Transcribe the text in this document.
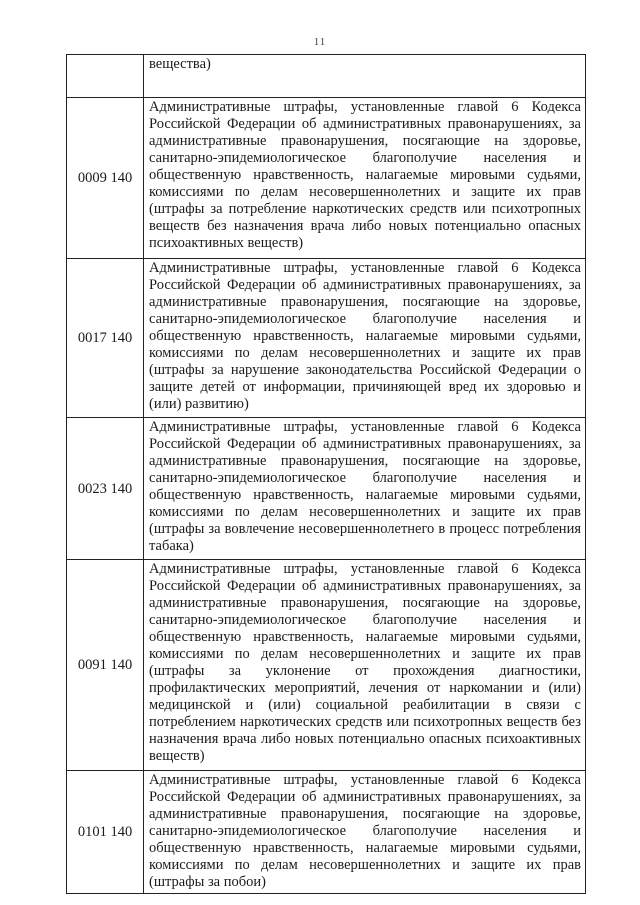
11

	вещества)

0009 140	Административные штрафы, установленные главой 6 Кодекса Российской Федерации об административных правонарушениях, за административные правонарушения, посягающие на здоровье, санитарно-эпидемиологическое благополучие населения и общественную нравственность, налагаемые мировыми судьями, комиссиями по делам несовершеннолетних и защите их прав (штрафы за потребление наркотических средств или психотропных веществ без назначения врача либо новых потенциально опасных психоактивных веществ)

0017 140	Административные штрафы, установленные главой 6 Кодекса Российской Федерации об административных правонарушениях, за административные правонарушения, посягающие на здоровье, санитарно-эпидемиологическое благополучие населения и общественную нравственность, налагаемые мировыми судьями, комиссиями по делам несовершеннолетних и защите их прав (штрафы за нарушение законодательства Российской Федерации о защите детей от информации, причиняющей вред их здоровью и (или) развитию)

0023 140	Административные штрафы, установленные главой 6 Кодекса Российской Федерации об административных правонарушениях, за административные правонарушения, посягающие на здоровье, санитарно-эпидемиологическое благополучие населения и общественную нравственность, налагаемые мировыми судьями, комиссиями по делам несовершеннолетних и защите их прав (штрафы за вовлечение несовершеннолетнего в процесс потребления табака)

0091 140	Административные штрафы, установленные главой 6 Кодекса Российской Федерации об административных правонарушениях, за административные правонарушения, посягающие на здоровье, санитарно-эпидемиологическое благополучие населения и общественную нравственность, налагаемые мировыми судьями, комиссиями по делам несовершеннолетних и защите их прав (штрафы за уклонение от прохождения диагностики, профилактических мероприятий, лечения от наркомании и (или) медицинской и (или) социальной реабилитации в связи с потреблением наркотических средств или психотропных веществ без назначения врача либо новых потенциально опасных психоактивных веществ)

0101 140	Административные штрафы, установленные главой 6 Кодекса Российской Федерации об административных правонарушениях, за административные правонарушения, посягающие на здоровье, санитарно-эпидемиологическое благополучие населения и общественную нравственность, налагаемые мировыми судьями, комиссиями по делам несовершеннолетних и защите их прав (штрафы за побои)
